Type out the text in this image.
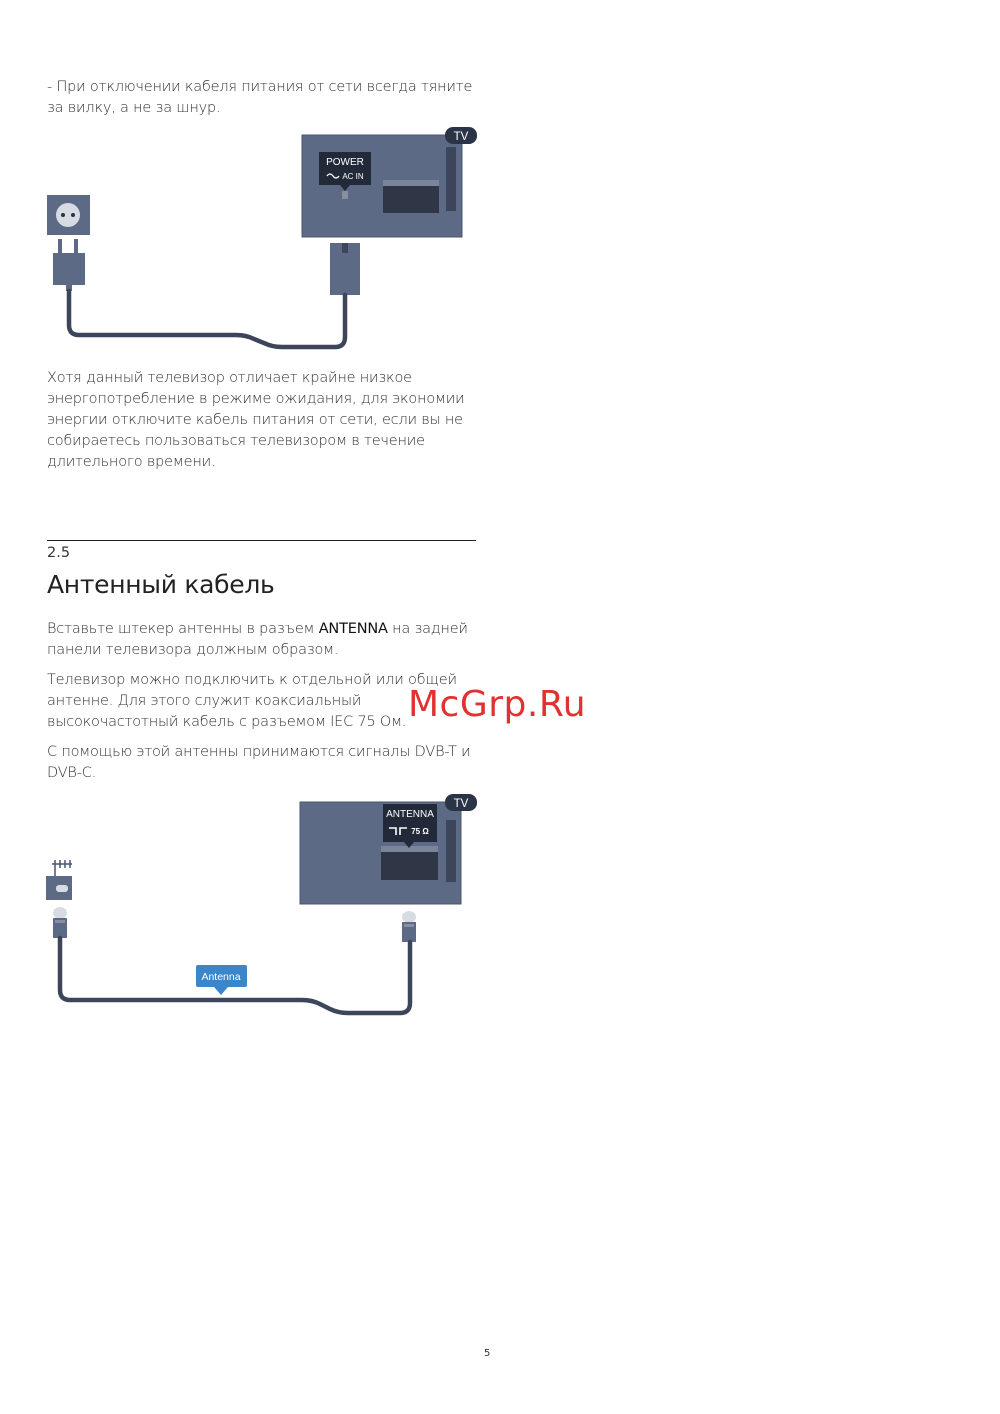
- При отключении кабеля питания от сети всегда тяните за вилку, а не за шнур.

TV
POWER
AC IN

Хотя данный телевизор отличает крайне низкое энергопотребление в режиме ожидания, для экономии энергии отключите кабель питания от сети, если вы не собираетесь пользоваться телевизором в течение длительного времени.

2.5
Антенный кабель

Вставьте штекер антенны в разъем ANTENNA на задней панели телевизора должным образом.

Телевизор можно подключить к отдельной или общей антенне. Для этого служит коаксиальный высокочастотный кабель с разъемом IEC 75 Ом.

С помощью этой антенны принимаются сигналы DVB-T и DVB-C.

McGrp.Ru
TV
ANTENNA
75 Ω
Antenna
5
